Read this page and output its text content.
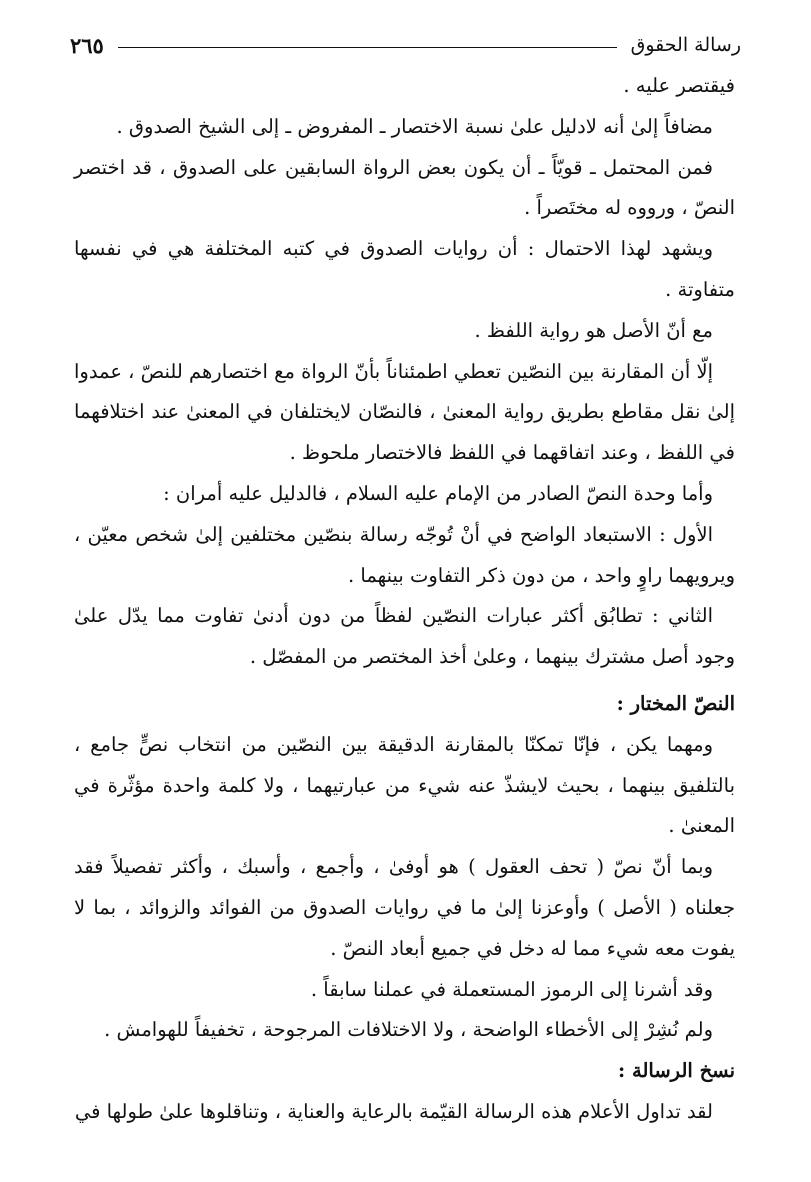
رسالة الحقوق
٢٦٥

فيقتصر عليه .

مضافاً إلىٰ أنه لادليل علىٰ نسبة الاختصار ـ المفروض ـ إلى الشيخ الصدوق .

فمن المحتمل ـ قويّاً ـ أن يكون بعض الرواة السابقين على الصدوق ، قد اختصر النصّ ، ورووه له مختَصراً .

ويشهد لهذا الاحتمال : أن روايات الصدوق في كتبه المختلفة هي في نفسها متفاوتة .

مع أنّ الأصل هو رواية اللفظ .

إلّا أن المقارنة بين النصّين تعطي اطمئناناً بأنّ الرواة مع اختصارهم للنصّ ، عمدوا إلىٰ نقل مقاطع بطريق رواية المعنىٰ ، فالنصّان لايختلفان في المعنىٰ عند اختلافهما في اللفظ ، وعند اتفاقهما في اللفظ فالاختصار ملحوظ .

وأما وحدة النصّ الصادر من الإمام عليه السلام ، فالدليل عليه أمران :

الأول : الاستبعاد الواضح في أنْ تُوجّه رسالة بنصّين مختلفين إلىٰ شخص معيّن ، ويرويهما راوٍ واحد ، من دون ذكر التفاوت بينهما .

الثاني : تطابُق أكثر عبارات النصّين لفظاً من دون أدنىٰ تفاوت مما يدّل علىٰ وجود أصل مشترك بينهما ، وعلىٰ أخذ المختصر من المفصّل .

النصّ المختار :

ومهما يكن ، فإنّا تمكنّا بالمقارنة الدقيقة بين النصّين من انتخاب نصٍّ جامع ، بالتلفيق بينهما ، بحيث لايشذّ عنه شيء من عبارتيهما ، ولا كلمة واحدة مؤثّرة في المعنىٰ .

وبما أنّ نصّ ( تحف العقول ) هو أوفىٰ ، وأجمع ، وأسبك ، وأكثر تفصيلاً فقد جعلناه ( الأصل ) وأوعزنا إلىٰ ما في روايات الصدوق من الفوائد والزوائد ، بما لا يفوت معه شيء مما له دخل في جميع أبعاد النصّ .

وقد أشرنا إلى الرموز المستعملة في عملنا سابقاً .

ولم نُشِرْ إلى الأخطاء الواضحة ، ولا الاختلافات المرجوحة ، تخفيفاً للهوامش .

نسخ الرسالة :

لقد تداول الأعلام هذه الرسالة القيّمة بالرعاية والعناية ، وتناقلوها علىٰ طولها في
